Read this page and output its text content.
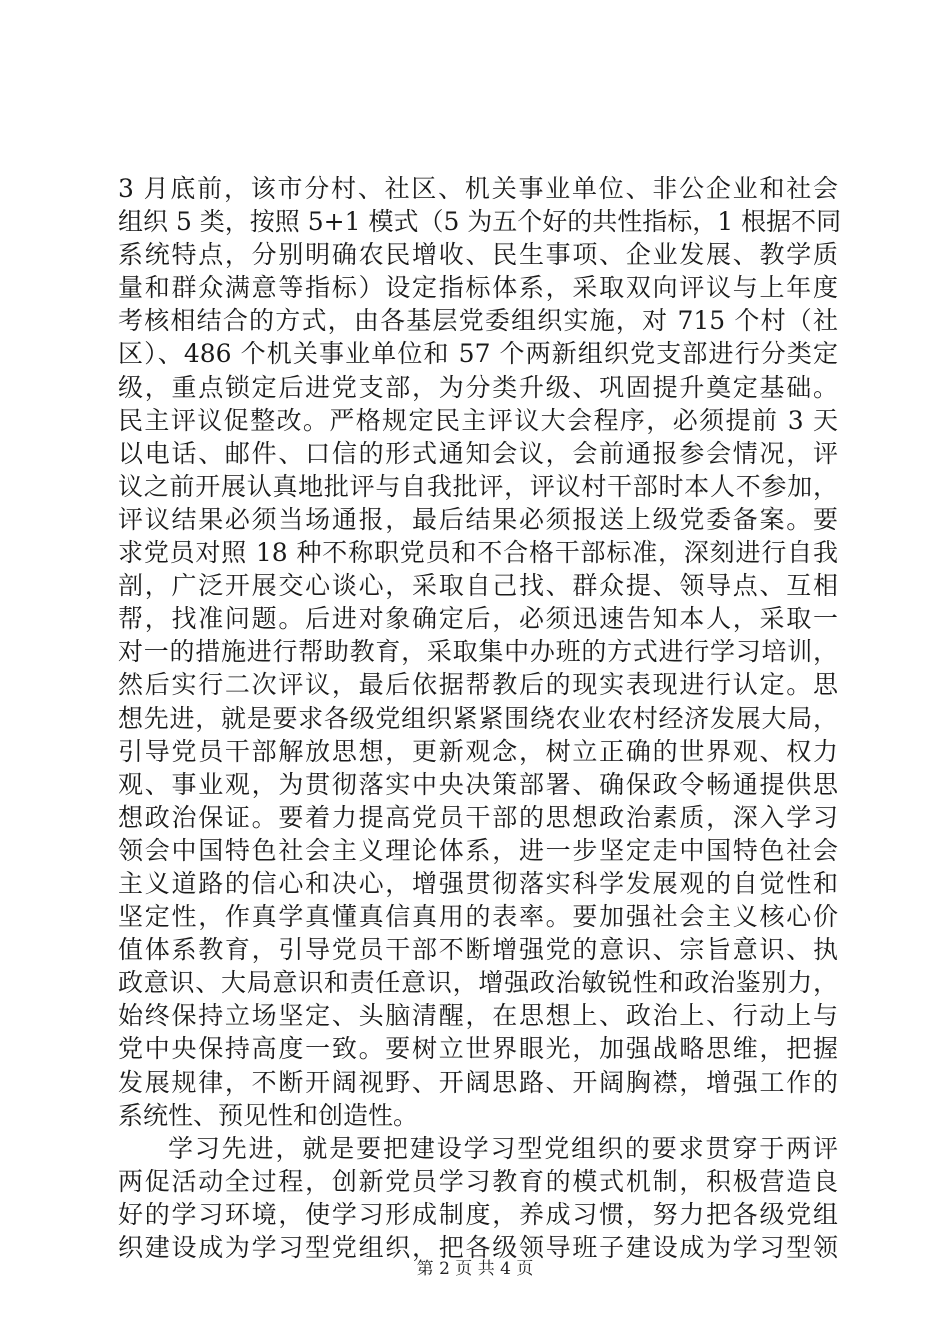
3 月底前，该市分村、社区、机关事业单位、非公企业和社会
组织 5 类，按照 5+1 模式（5 为五个好的共性指标，1 根据不同
系统特点，分别明确农民增收、民生事项、企业发展、教学质
量和群众满意等指标）设定指标体系，采取双向评议与上年度
考核相结合的方式，由各基层党委组织实施，对 715 个村（社
区）、486 个机关事业单位和 57 个两新组织党支部进行分类定
级，重点锁定后进党支部，为分类升级、巩固提升奠定基础。
民主评议促整改。严格规定民主评议大会程序，必须提前 3 天
以电话、邮件、口信的形式通知会议，会前通报参会情况，评
议之前开展认真地批评与自我批评，评议村干部时本人不参加，
评议结果必须当场通报，最后结果必须报送上级党委备案。要
求党员对照 18 种不称职党员和不合格干部标准，深刻进行自我
剖，广泛开展交心谈心，采取自己找、群众提、领导点、互相
帮，找准问题。后进对象确定后，必须迅速告知本人，采取一
对一的措施进行帮助教育，采取集中办班的方式进行学习培训，
然后实行二次评议，最后依据帮教后的现实表现进行认定。思
想先进，就是要求各级党组织紧紧围绕农业农村经济发展大局，
引导党员干部解放思想，更新观念，树立正确的世界观、权力
观、事业观，为贯彻落实中央决策部署、确保政令畅通提供思
想政治保证。要着力提高党员干部的思想政治素质，深入学习
领会中国特色社会主义理论体系，进一步坚定走中国特色社会
主义道路的信心和决心，增强贯彻落实科学发展观的自觉性和
坚定性，作真学真懂真信真用的表率。要加强社会主义核心价
值体系教育，引导党员干部不断增强党的意识、宗旨意识、执
政意识、大局意识和责任意识，增强政治敏锐性和政治鉴别力，
始终保持立场坚定、头脑清醒，在思想上、政治上、行动上与
党中央保持高度一致。要树立世界眼光，加强战略思维，把握
发展规律，不断开阔视野、开阔思路、开阔胸襟，增强工作的
系统性、预见性和创造性。
学习先进，就是要把建设学习型党组织的要求贯穿于两评
两促活动全过程，创新党员学习教育的模式机制，积极营造良
好的学习环境，使学习形成制度，养成习惯，努力把各级党组
织建设成为学习型党组织，把各级领导班子建设成为学习型领
第 2 页 共 4 页
